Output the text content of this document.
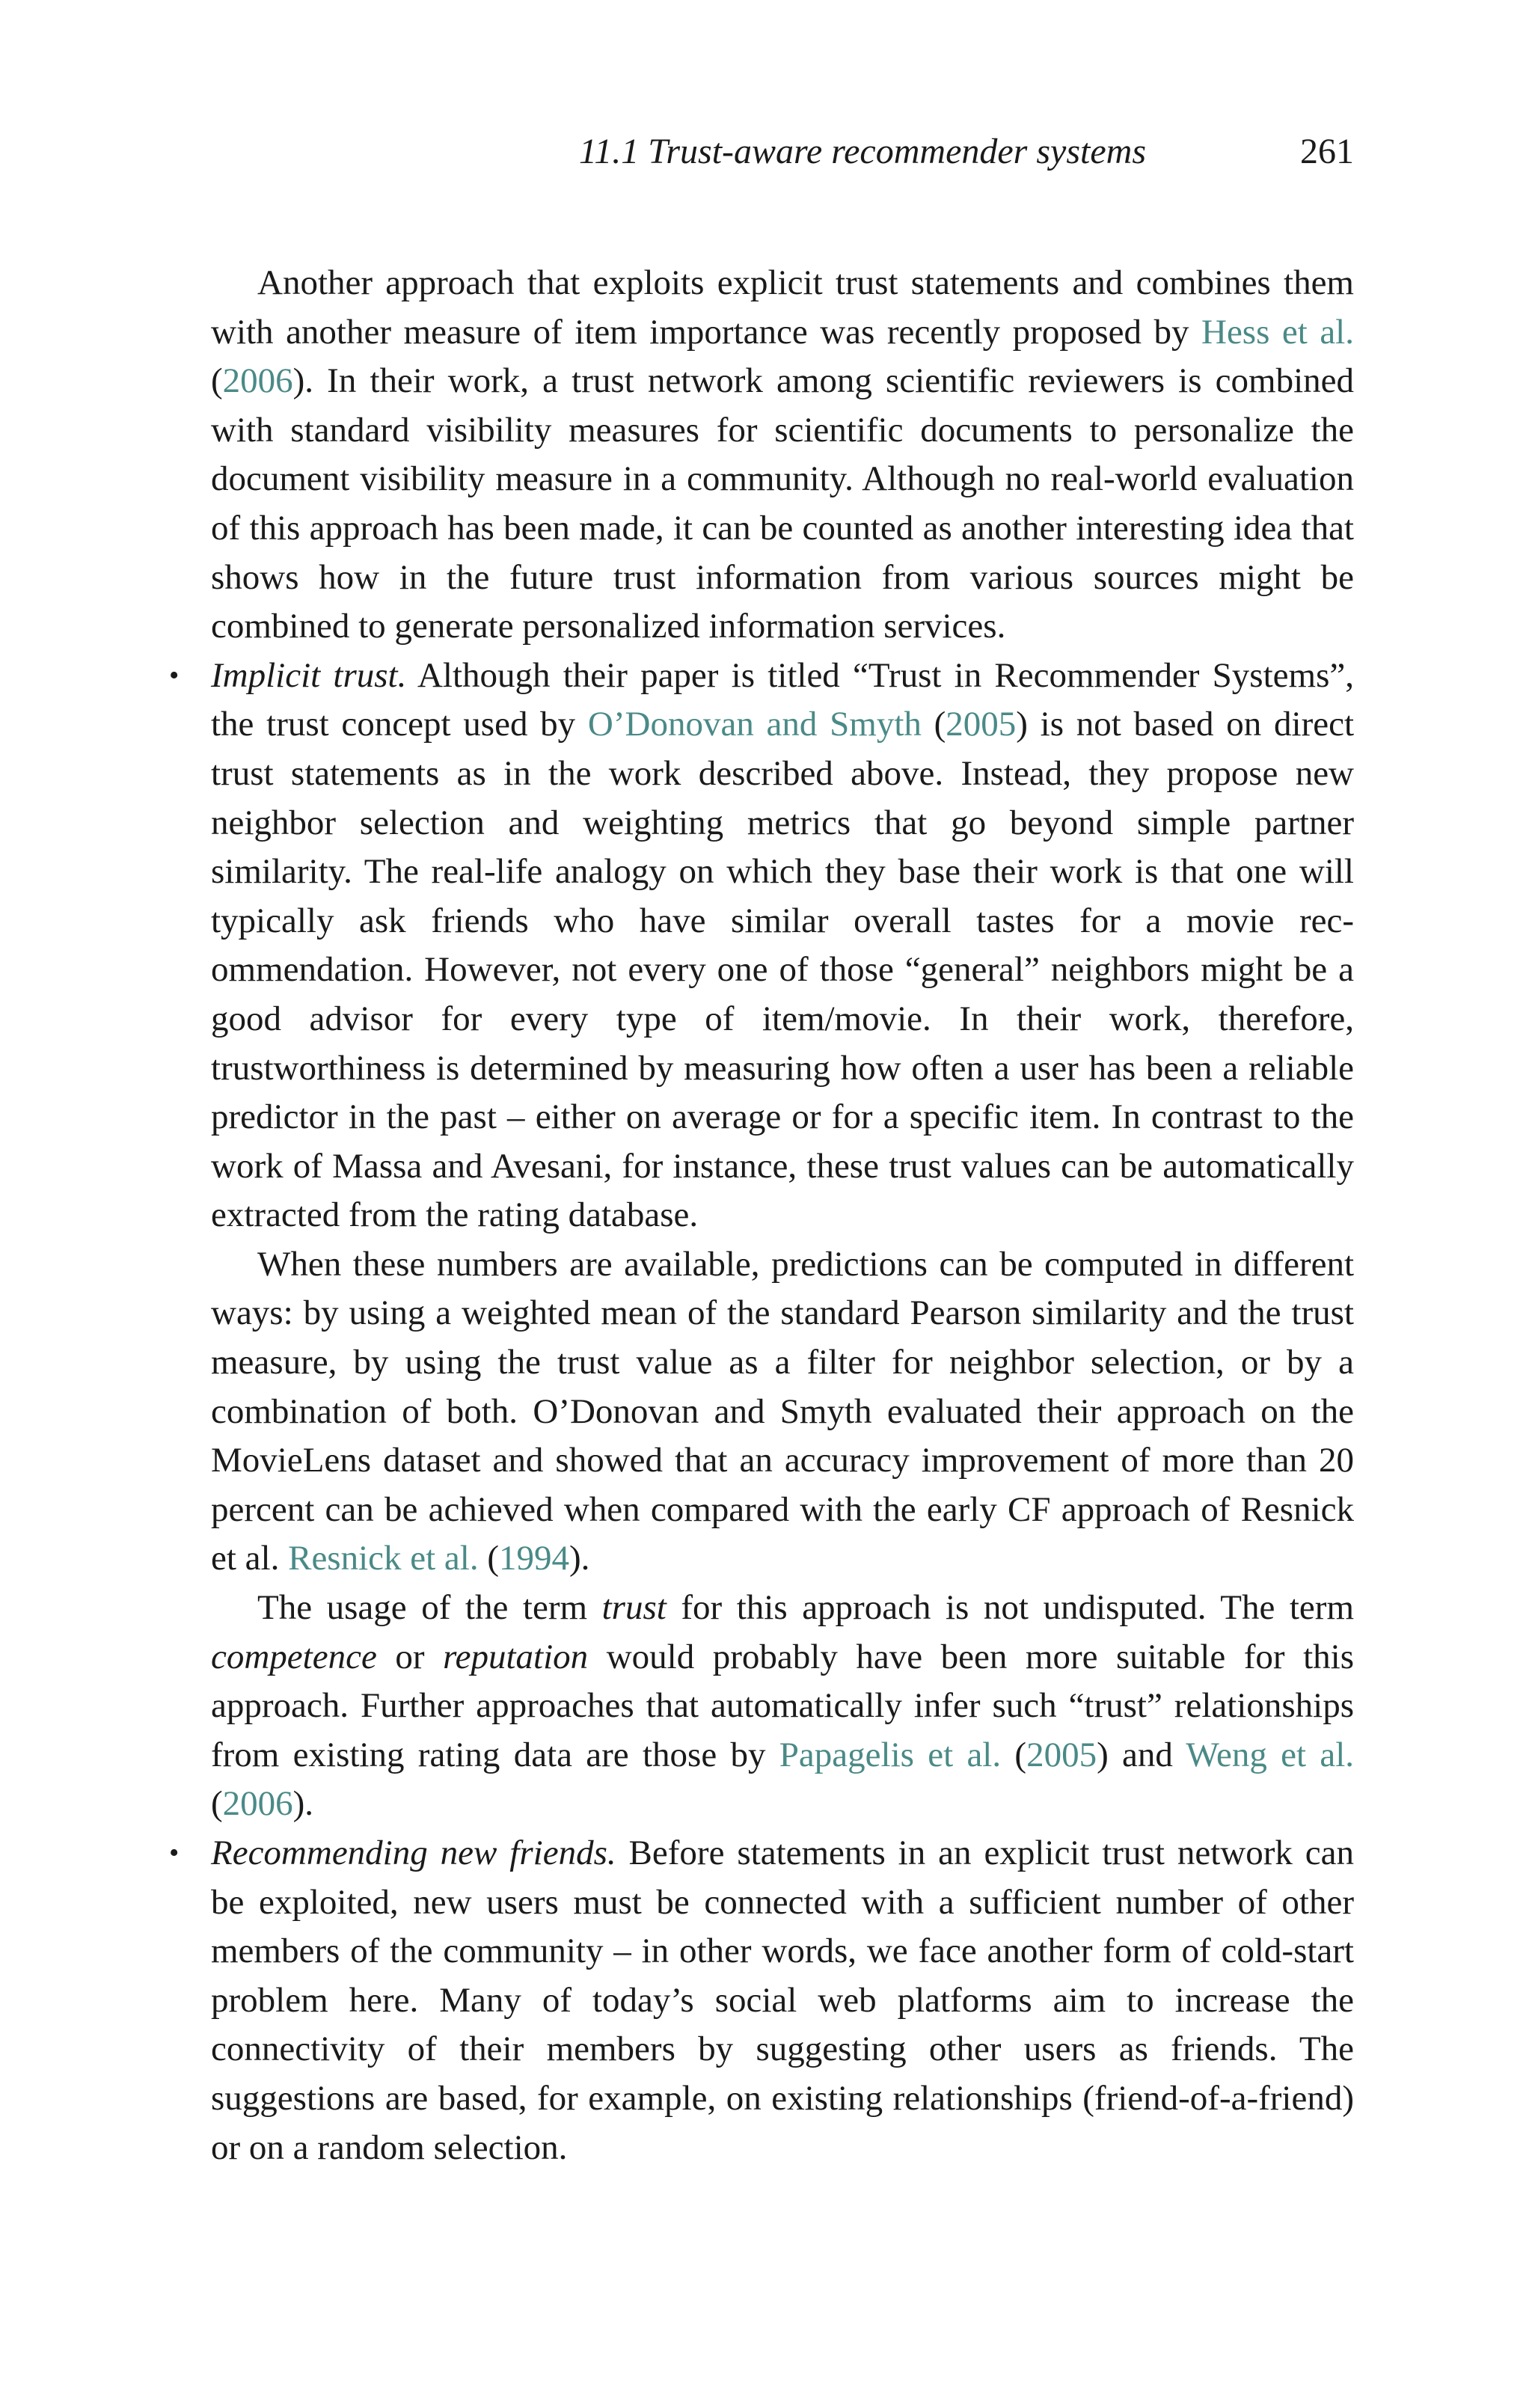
11.1 Trust-aware recommender systems	261

Another approach that exploits explicit trust statements and combines them with another measure of item importance was recently proposed by Hess et al. (2006). In their work, a trust network among scientific reviewers is combined with standard visibility measures for scientific documents to personalize the document visibility measure in a community. Although no real-world evaluation of this approach has been made, it can be counted as another interesting idea that shows how in the future trust information from various sources might be combined to generate personalized information services.

• Implicit trust. Although their paper is titled “Trust in Recommender Systems”, the trust concept used by O’Donovan and Smyth (2005) is not based on direct trust statements as in the work described above. Instead, they propose new neighbor selection and weighting metrics that go beyond simple partner similarity. The real-life analogy on which they base their work is that one will typically ask friends who have similar overall tastes for a movie recommendation. However, not every one of those “general” neighbors might be a good advisor for every type of item/movie. In their work, therefore, trustworthiness is determined by measuring how often a user has been a reliable predictor in the past – either on average or for a specific item. In contrast to the work of Massa and Avesani, for instance, these trust values can be automatically extracted from the rating database.

When these numbers are available, predictions can be computed in different ways: by using a weighted mean of the standard Pearson similarity and the trust measure, by using the trust value as a filter for neighbor selection, or by a combination of both. O’Donovan and Smyth evaluated their approach on the MovieLens dataset and showed that an accuracy improvement of more than 20 percent can be achieved when compared with the early CF approach of Resnick et al. Resnick et al. (1994).

The usage of the term trust for this approach is not undisputed. The term competence or reputation would probably have been more suitable for this approach. Further approaches that automatically infer such “trust” relationships from existing rating data are those by Papagelis et al. (2005) and Weng et al. (2006).

• Recommending new friends. Before statements in an explicit trust network can be exploited, new users must be connected with a sufficient number of other members of the community – in other words, we face another form of cold-start problem here. Many of today’s social web platforms aim to increase the connectivity of their members by suggesting other users as friends. The suggestions are based, for example, on existing relationships (friend-of-a-friend) or on a random selection.
